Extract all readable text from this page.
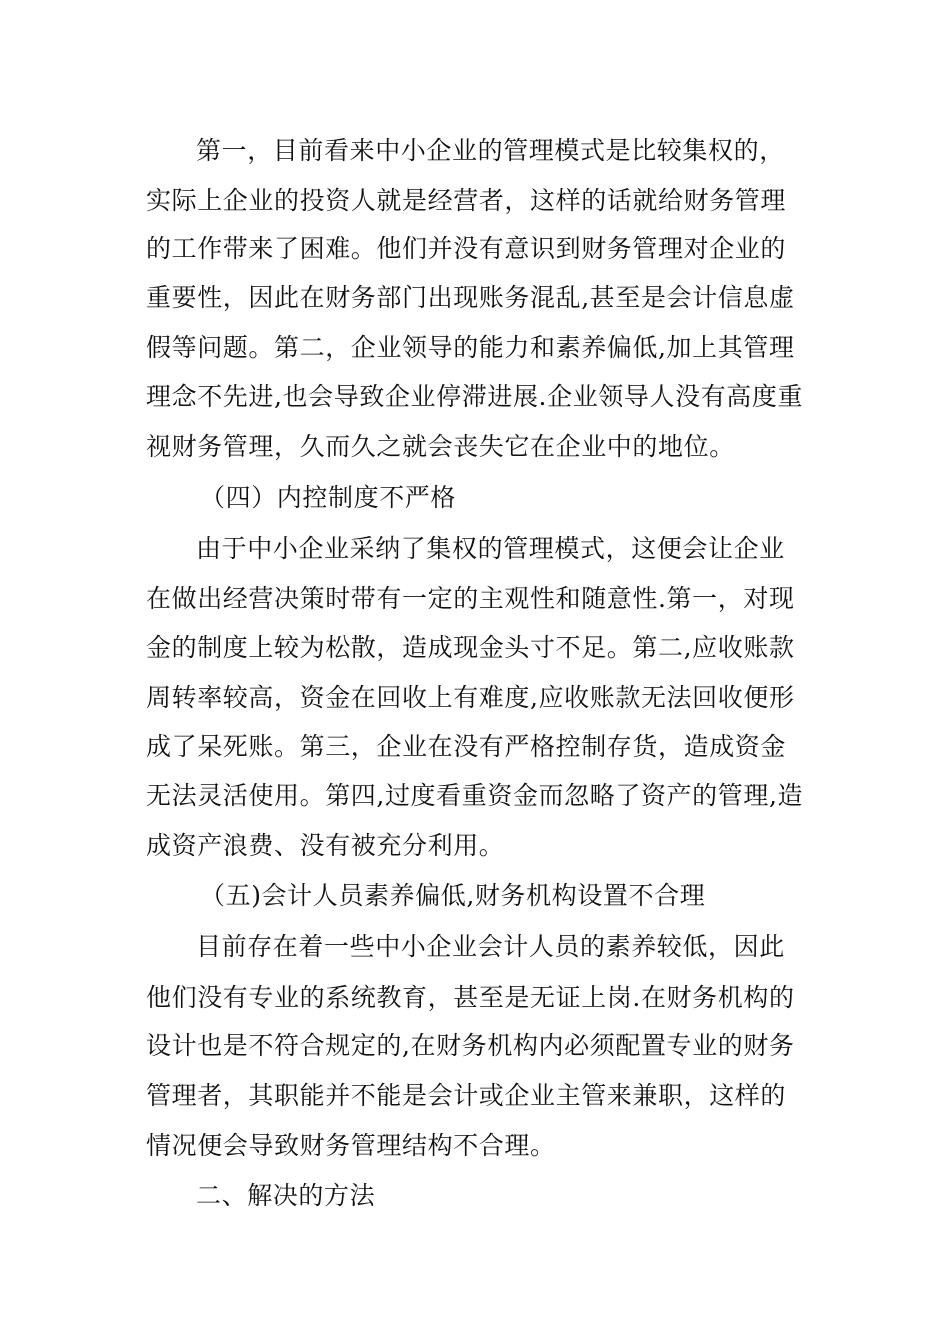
第一，目前看来中小企业的管理模式是比较集权的，
实际上企业的投资人就是经营者，这样的话就给财务管理
的工作带来了困难。他们并没有意识到财务管理对企业的
重要性，因此在财务部门出现账务混乱,甚至是会计信息虚
假等问题。第二，企业领导的能力和素养偏低,加上其管理
理念不先进,也会导致企业停滞进展.企业领导人没有高度重
视财务管理，久而久之就会丧失它在企业中的地位。
（四）内控制度不严格
由于中小企业采纳了集权的管理模式，这便会让企业
在做出经营决策时带有一定的主观性和随意性.第一，对现
金的制度上较为松散，造成现金头寸不足。第二,应收账款
周转率较高，资金在回收上有难度,应收账款无法回收便形
成了呆死账。第三，企业在没有严格控制存货，造成资金
无法灵活使用。第四,过度看重资金而忽略了资产的管理,造
成资产浪费、没有被充分利用。
（五)会计人员素养偏低,财务机构设置不合理
目前存在着一些中小企业会计人员的素养较低，因此
他们没有专业的系统教育，甚至是无证上岗.在财务机构的
设计也是不符合规定的,在财务机构内必须配置专业的财务
管理者，其职能并不能是会计或企业主管来兼职，这样的
情况便会导致财务管理结构不合理。
二、解决的方法
